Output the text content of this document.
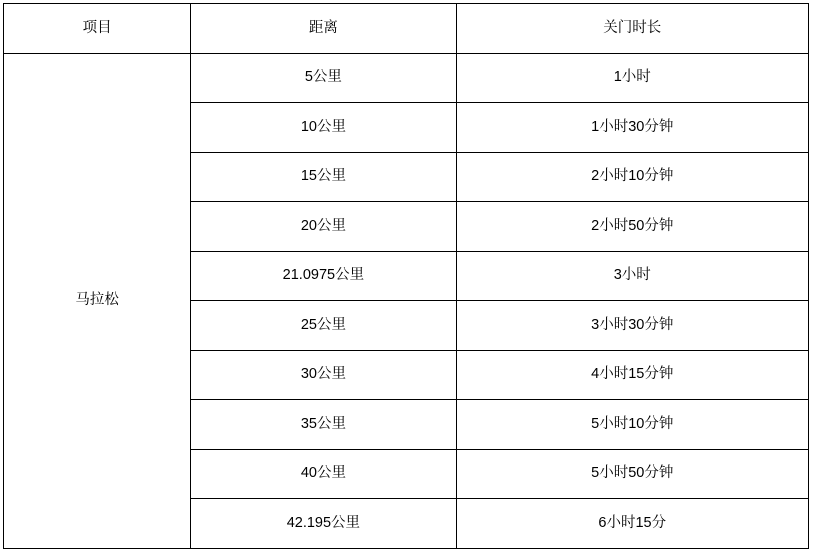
项目	距离	关门时长
马拉松	5公里	1小时
	10公里	1小时30分钟
	15公里	2小时10分钟
	20公里	2小时50分钟
	21.0975公里	3小时
	25公里	3小时30分钟
	30公里	4小时15分钟
	35公里	5小时10分钟
	40公里	5小时50分钟
	42.195公里	6小时15分
